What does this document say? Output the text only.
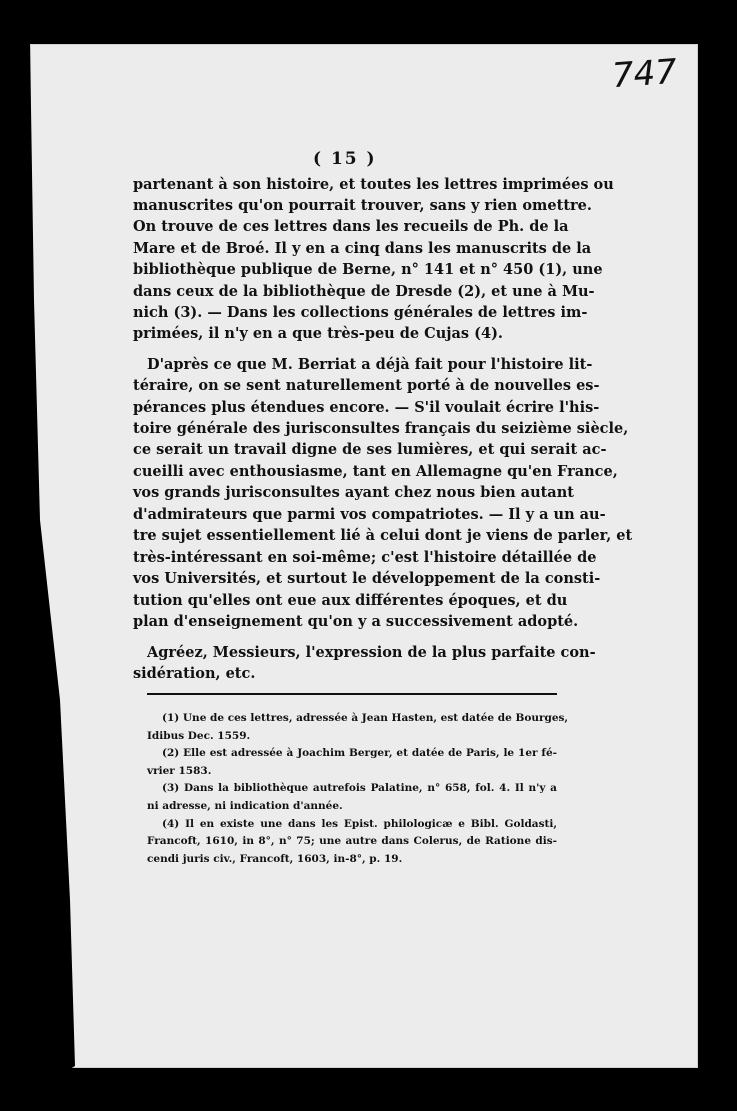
747
( 15 )
partenant à son histoire, et toutes les lettres imprimées ou
manuscrites qu'on pourrait trouver, sans y rien omettre.
On trouve de ces lettres dans les recueils de Ph. de la
Mare et de Broé. Il y en a cinq dans les manuscrits de la
bibliothèque publique de Berne, n° 141 et n° 450 (1), une
dans ceux de la bibliothèque de Dresde (2), et une à Mu-
nich (3). — Dans les collections générales de lettres im-
primées, il n'y en a que très-peu de Cujas (4).
D'après ce que M. Berriat a déjà fait pour l'histoire lit-
téraire, on se sent naturellement porté à de nouvelles es-
pérances plus étendues encore. — S'il voulait écrire l'his-
toire générale des jurisconsultes français du seizième siècle,
ce serait un travail digne de ses lumières, et qui serait ac-
cueilli avec enthousiasme, tant en Allemagne qu'en France,
vos grands jurisconsultes ayant chez nous bien autant
d'admirateurs que parmi vos compatriotes. — Il y a un au-
tre sujet essentiellement lié à celui dont je viens de parler, et
très-intéressant en soi-même; c'est l'histoire détaillée de
vos Universités, et surtout le développement de la consti-
tution qu'elles ont eue aux différentes époques, et du
plan d'enseignement qu'on y a successivement adopté.
Agréez, Messieurs, l'expression de la plus parfaite con-
sidération, etc.
(1) Une de ces lettres, adressée à Jean Hasten, est datée de Bourges,
Idibus Dec. 1559.
(2) Elle est adressée à Joachim Berger, et datée de Paris, le 1er fé-
vrier 1583.
(3) Dans la bibliothèque autrefois Palatine, n° 658, fol. 4. Il n'y a
ni adresse, ni indication d'année.
(4) Il en existe une dans les Epist. philologicæ e Bibl. Goldasti,
Francoft, 1610, in 8°, n° 75; une autre dans Colerus, de Ratione dis-
cendi juris civ., Francoft, 1603, in-8°, p. 19.
